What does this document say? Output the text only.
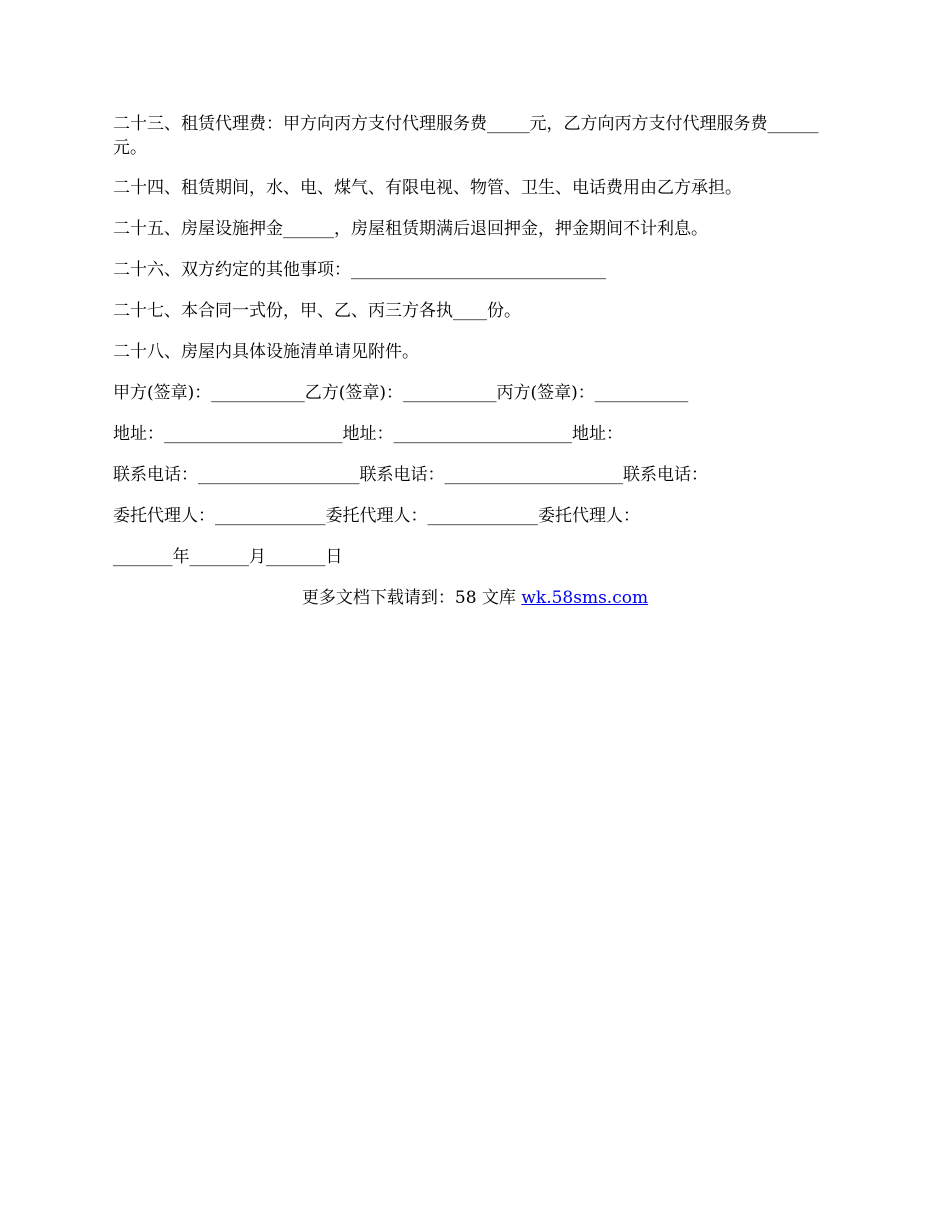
二十三、租赁代理费：甲方向丙方支付代理服务费_____元，乙方向丙方支付代理服务费______元。

二十四、租赁期间，水、电、煤气、有限电视、物管、卫生、电话费用由乙方承担。

二十五、房屋设施押金______，房屋租赁期满后退回押金，押金期间不计利息。

二十六、双方约定的其他事项：______________________________

二十七、本合同一式份，甲、乙、丙三方各执____份。

二十八、房屋内具体设施清单请见附件。

甲方(签章)：___________乙方(签章)：___________丙方(签章)：___________

地址：_____________________地址：_____________________地址：

联系电话：___________________联系电话：_____________________联系电话：

委托代理人：_____________委托代理人：_____________委托代理人：

_______年_______月_______日

更多文档下载请到：58 文库 wk.58sms.com
